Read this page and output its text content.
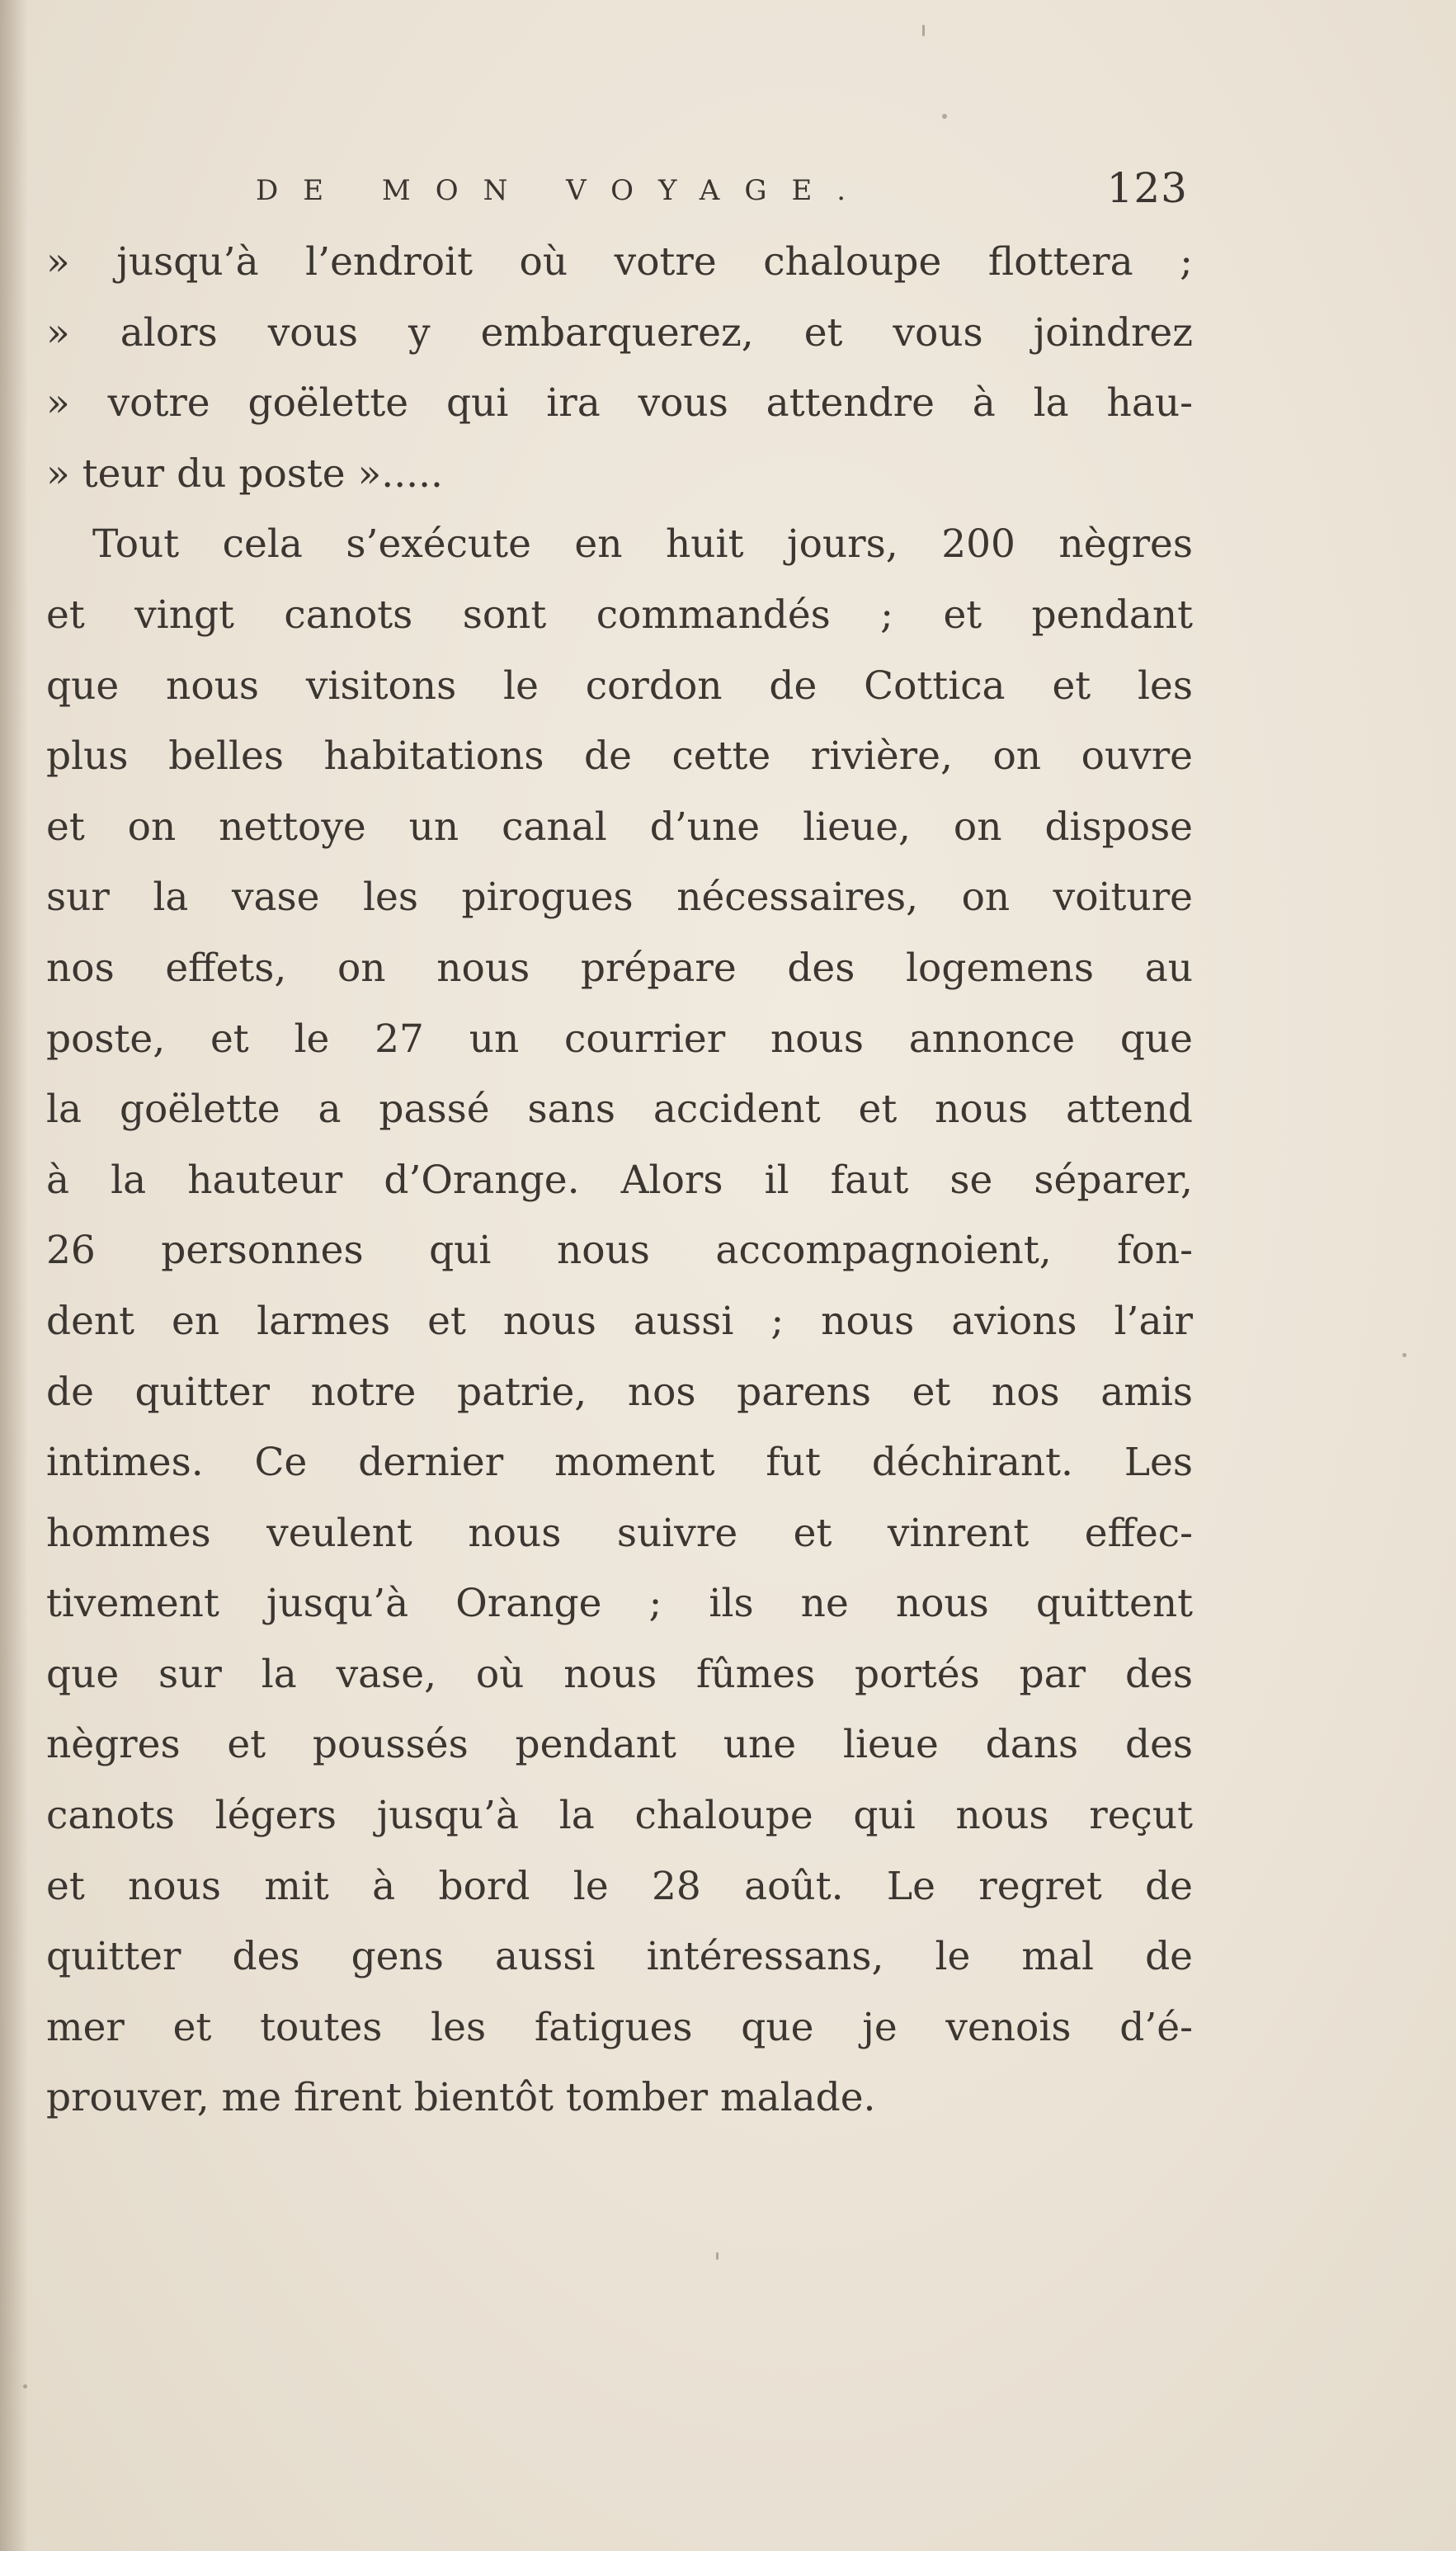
DE MON VOYAGE.	123
» jusqu’à l’endroit où votre chaloupe flottera ;
» alors vous y embarquerez, et vous joindrez
» votre goëlette qui ira vous attendre à la hau-
» teur du poste ».....
Tout cela s’exécute en huit jours, 200 nègres
et vingt canots sont commandés ; et pendant
que nous visitons le cordon de Cottica et les
plus belles habitations de cette rivière, on ouvre
et on nettoye un canal d’une lieue, on dispose
sur la vase les pirogues nécessaires, on voiture
nos effets, on nous prépare des logemens au
poste, et le 27 un courrier nous annonce que
la goëlette a passé sans accident et nous attend
à la hauteur d’Orange. Alors il faut se séparer,
26 personnes qui nous accompagnoient, fon-
dent en larmes et nous aussi ; nous avions l’air
de quitter notre patrie, nos parens et nos amis
intimes. Ce dernier moment fut déchirant. Les
hommes veulent nous suivre et vinrent effec-
tivement jusqu’à Orange ; ils ne nous quittent
que sur la vase, où nous fûmes portés par des
nègres et poussés pendant une lieue dans des
canots légers jusqu’à la chaloupe qui nous reçut
et nous mit à bord le 28 août. Le regret de
quitter des gens aussi intéressans, le mal de
mer et toutes les fatigues que je venois d’é-
prouver, me firent bientôt tomber malade.
